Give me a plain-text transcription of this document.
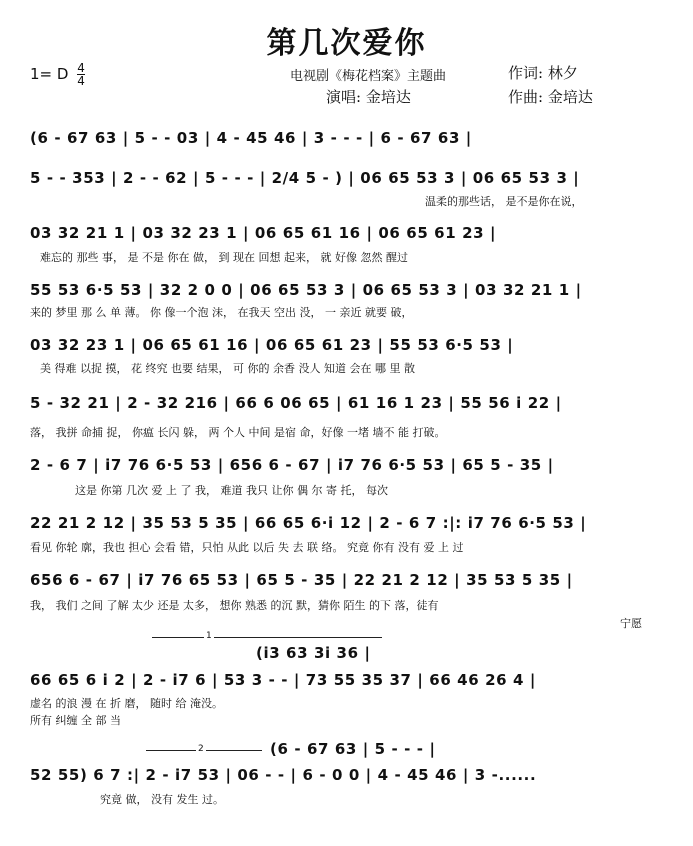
第几次爱你
1= D $\frac{4}{4}$	电视剧《梅花档案》主题曲	作词: 林夕
演唱: 金培达	作曲: 金培达
(6 - 67 63 | 5 - - 03 | 4 - 45 46 | 3 - - - | 6 - 67 63 |
5 - - 353 | 2 - - 62 | 5 - - - | 2/4 5 - ) | 06 65 53 3 | 06 65 53 3 |
温柔的那些话， 是不是你在说，
03 32 21 1 | 03 32 23 1 | 06 65 61 16 | 06 65 61 23 |
难忘的 那些 事， 是 不是 你在 做， 到 现在 回想 起来， 就 好像 忽然 醒过
55 53 6·5 53 | 32 2 0 0 | 06 65 53 3 | 06 65 53 3 | 03 32 21 1 |
来的 梦里 那 么 单 薄。 你 像一个泡 沫， 在我天 空出 没， 一 亲近 就要 破，
03 32 23 1 | 06 65 61 16 | 06 65 61 23 | 55 53 6·5 53 |
美 得难 以捉 摸， 花 终究 也要 结果， 可 你的 余香 没人 知道 会在 哪 里 散
5 - 32 21 | 2 - 32 216 | 66 6 06 65 | 61 16 1 23 | 55 56 i 22 |
落， 我拼 命捕 捉， 你瘟 长闪 躲， 两 个人 中间 是宿 命，好像 一堵 墙不 能 打破。
2 - 6 7 | i7 76 6·5 53 | 656 6 - 67 | i7 76 6·5 53 | 65 5 - 35 |
这是 你第 几次 爱 上 了 我， 难道 我只 让你 偶 尔 寄 托， 每次
22 21 2 12 | 35 53 5 35 | 66 65 6·i 12 | 2 - 6 7 :|: i7 76 6·5 53 |
看见 你轮 廓，我也 担心 会看 错，只怕 从此 以后 失 去 联 络。 究竟 你有 没有 爱 上 过
656 6 - 67 | i7 76 65 53 | 65 5 - 35 | 22 21 2 12 | 35 53 5 35 |
我， 我们 之间 了解 太少 还是 太多， 想你 熟悉 的沉 默，猜你 陌生 的下 落，徒有
1
(i3 63 3i 36 |
宁愿
66 65 6 i 2 | 2 - i7 6 | 53 3 - - | 73 55 35 37 | 66 46 26 4 |
虚名 的浪 漫 在 折 磨， 随时 给 淹没。
所有 纠缠 全 部 当
2	(6 - 67 63 | 5 - - - |
52 55) 6 7 :| 2 - i7 53 | 06 - - | 6 - 0 0 | 4 - 45 46 | 3 -......
究竟 做， 没有 发生 过。
